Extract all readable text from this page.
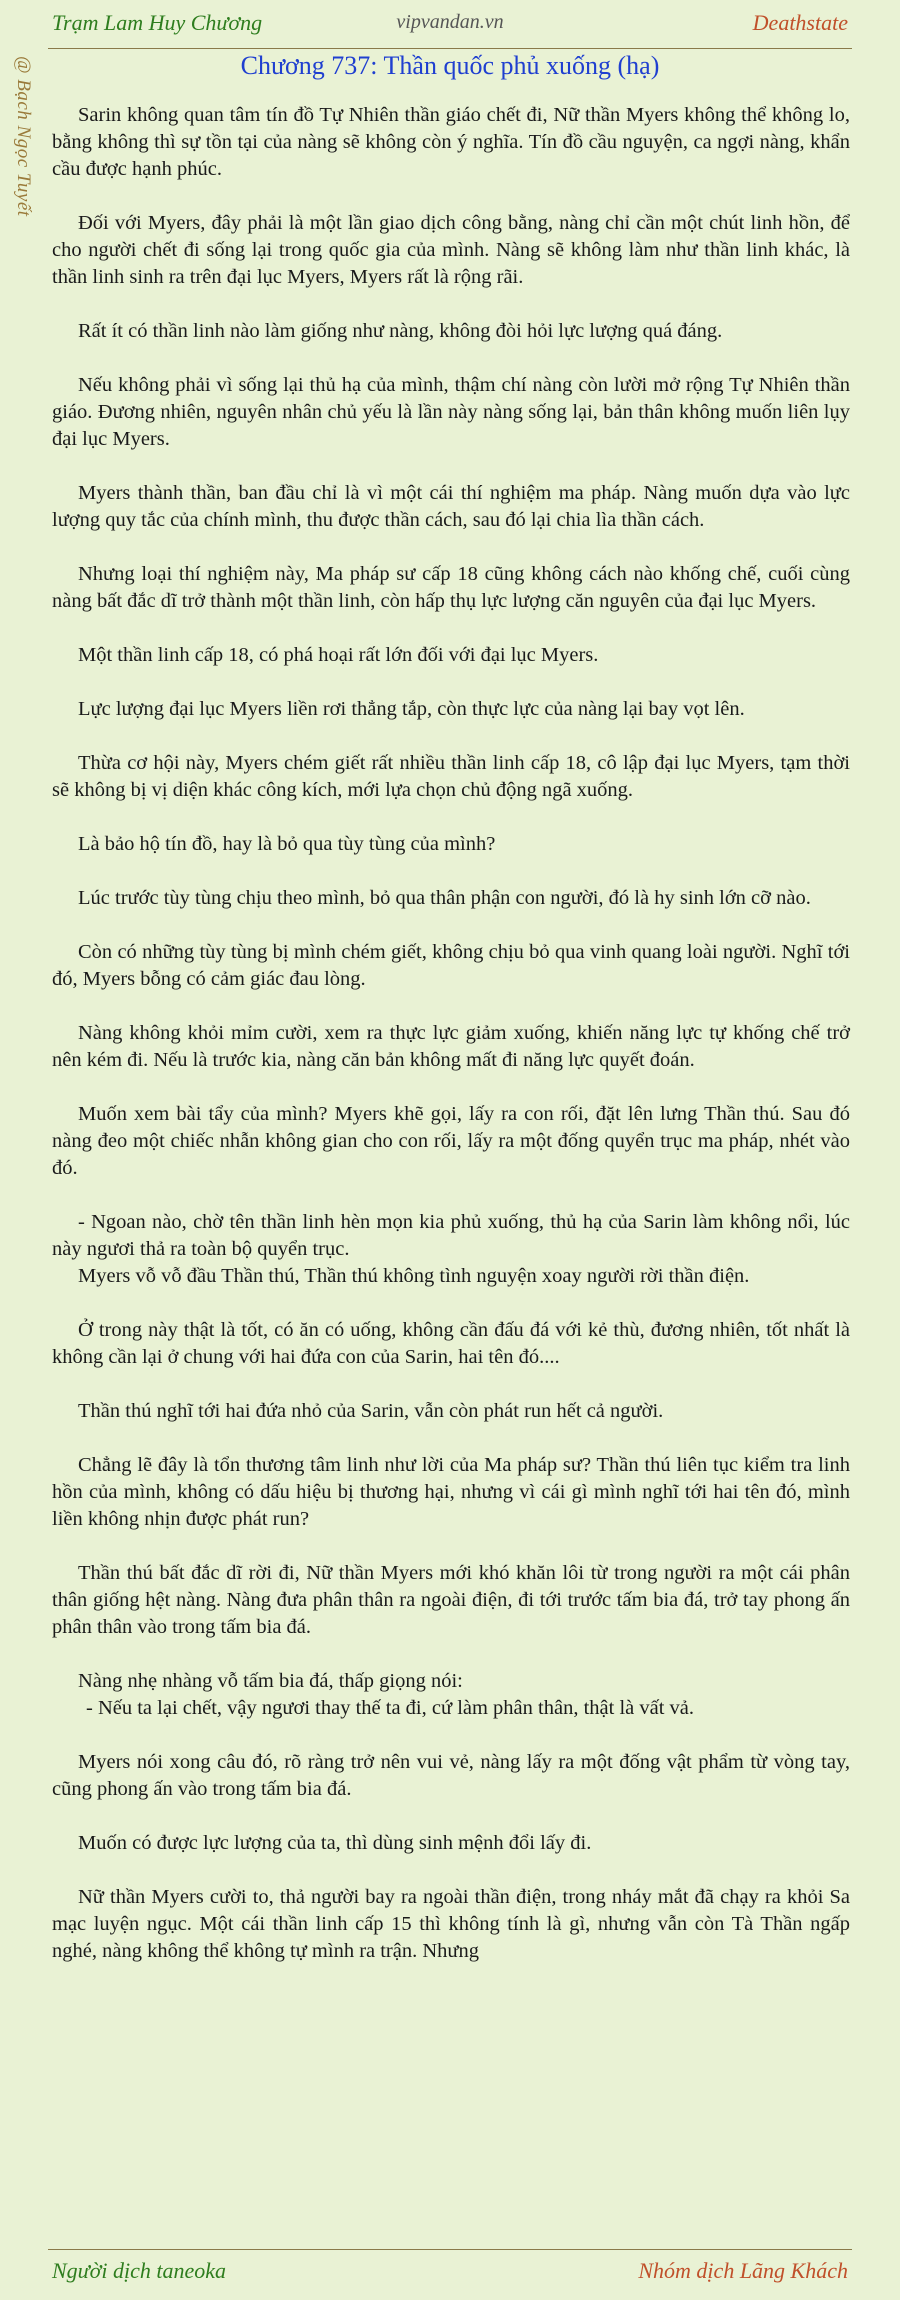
Trạm Lam Huy Chương	vipvandan.vn	Deathstate
@ Bạch Ngọc Tuyết	Chương 737: Thần quốc phủ xuống (hạ)

Sarin không quan tâm tín đồ Tự Nhiên thần giáo chết đi, Nữ thần Myers không thể không lo, bằng không thì sự tồn tại của nàng sẽ không còn ý nghĩa. Tín đồ cầu nguyện, ca ngợi nàng, khẩn cầu được hạnh phúc.

Đối với Myers, đây phải là một lần giao dịch công bằng, nàng chỉ cần một chút linh hồn, để cho người chết đi sống lại trong quốc gia của mình. Nàng sẽ không làm như thần linh khác, là thần linh sinh ra trên đại lục Myers, Myers rất là rộng rãi.

Rất ít có thần linh nào làm giống như nàng, không đòi hỏi lực lượng quá đáng.

Nếu không phải vì sống lại thủ hạ của mình, thậm chí nàng còn lười mở rộng Tự Nhiên thần giáo. Đương nhiên, nguyên nhân chủ yếu là lần này nàng sống lại, bản thân không muốn liên lụy đại lục Myers.

Myers thành thần, ban đầu chỉ là vì một cái thí nghiệm ma pháp. Nàng muốn dựa vào lực lượng quy tắc của chính mình, thu được thần cách, sau đó lại chia lìa thần cách.

Nhưng loại thí nghiệm này, Ma pháp sư cấp 18 cũng không cách nào khống chế, cuối cùng nàng bất đắc dĩ trở thành một thần linh, còn hấp thụ lực lượng căn nguyên của đại lục Myers.

Một thần linh cấp 18, có phá hoại rất lớn đối với đại lục Myers.

Lực lượng đại lục Myers liền rơi thẳng tắp, còn thực lực của nàng lại bay vọt lên.

Thừa cơ hội này, Myers chém giết rất nhiều thần linh cấp 18, cô lập đại lục Myers, tạm thời sẽ không bị vị diện khác công kích, mới lựa chọn chủ động ngã xuống.

Là bảo hộ tín đồ, hay là bỏ qua tùy tùng của mình?

Lúc trước tùy tùng chịu theo mình, bỏ qua thân phận con người, đó là hy sinh lớn cỡ nào.

Còn có những tùy tùng bị mình chém giết, không chịu bỏ qua vinh quang loài người. Nghĩ tới đó, Myers bỗng có cảm giác đau lòng.

Nàng không khỏi mỉm cười, xem ra thực lực giảm xuống, khiến năng lực tự khống chế trở nên kém đi. Nếu là trước kia, nàng căn bản không mất đi năng lực quyết đoán.

Muốn xem bài tẩy của mình? Myers khẽ gọi, lấy ra con rối, đặt lên lưng Thần thú. Sau đó nàng đeo một chiếc nhẫn không gian cho con rối, lấy ra một đống quyển trục ma pháp, nhét vào đó.

- Ngoan nào, chờ tên thần linh hèn mọn kia phủ xuống, thủ hạ của Sarin làm không nổi, lúc này ngươi thả ra toàn bộ quyển trục.

Myers vỗ vỗ đầu Thần thú, Thần thú không tình nguyện xoay người rời thần điện.

Ở trong này thật là tốt, có ăn có uống, không cần đấu đá với kẻ thù, đương nhiên, tốt nhất là không cần lại ở chung với hai đứa con của Sarin, hai tên đó....

Thần thú nghĩ tới hai đứa nhỏ của Sarin, vẫn còn phát run hết cả người.

Chẳng lẽ đây là tổn thương tâm linh như lời của Ma pháp sư? Thần thú liên tục kiểm tra linh hồn của mình, không có dấu hiệu bị thương hại, nhưng vì cái gì mình nghĩ tới hai tên đó, mình liền không nhịn được phát run?

Thần thú bất đắc dĩ rời đi, Nữ thần Myers mới khó khăn lôi từ trong người ra một cái phân thân giống hệt nàng. Nàng đưa phân thân ra ngoài điện, đi tới trước tấm bia đá, trở tay phong ấn phân thân vào trong tấm bia đá.

Nàng nhẹ nhàng vỗ tấm bia đá, thấp giọng nói:

- Nếu ta lại chết, vậy ngươi thay thế ta đi, cứ làm phân thân, thật là vất vả.

Myers nói xong câu đó, rõ ràng trở nên vui vẻ, nàng lấy ra một đống vật phẩm từ vòng tay, cũng phong ấn vào trong tấm bia đá.

Muốn có được lực lượng của ta, thì dùng sinh mệnh đổi lấy đi.

Nữ thần Myers cười to, thả người bay ra ngoài thần điện, trong nháy mắt đã chạy ra khỏi Sa mạc luyện ngục. Một cái thần linh cấp 15 thì không tính là gì, nhưng vẫn còn Tà Thần ngấp nghé, nàng không thể không tự mình ra trận. Nhưng

Người dịch taneoka	Nhóm dịch Lãng Khách
